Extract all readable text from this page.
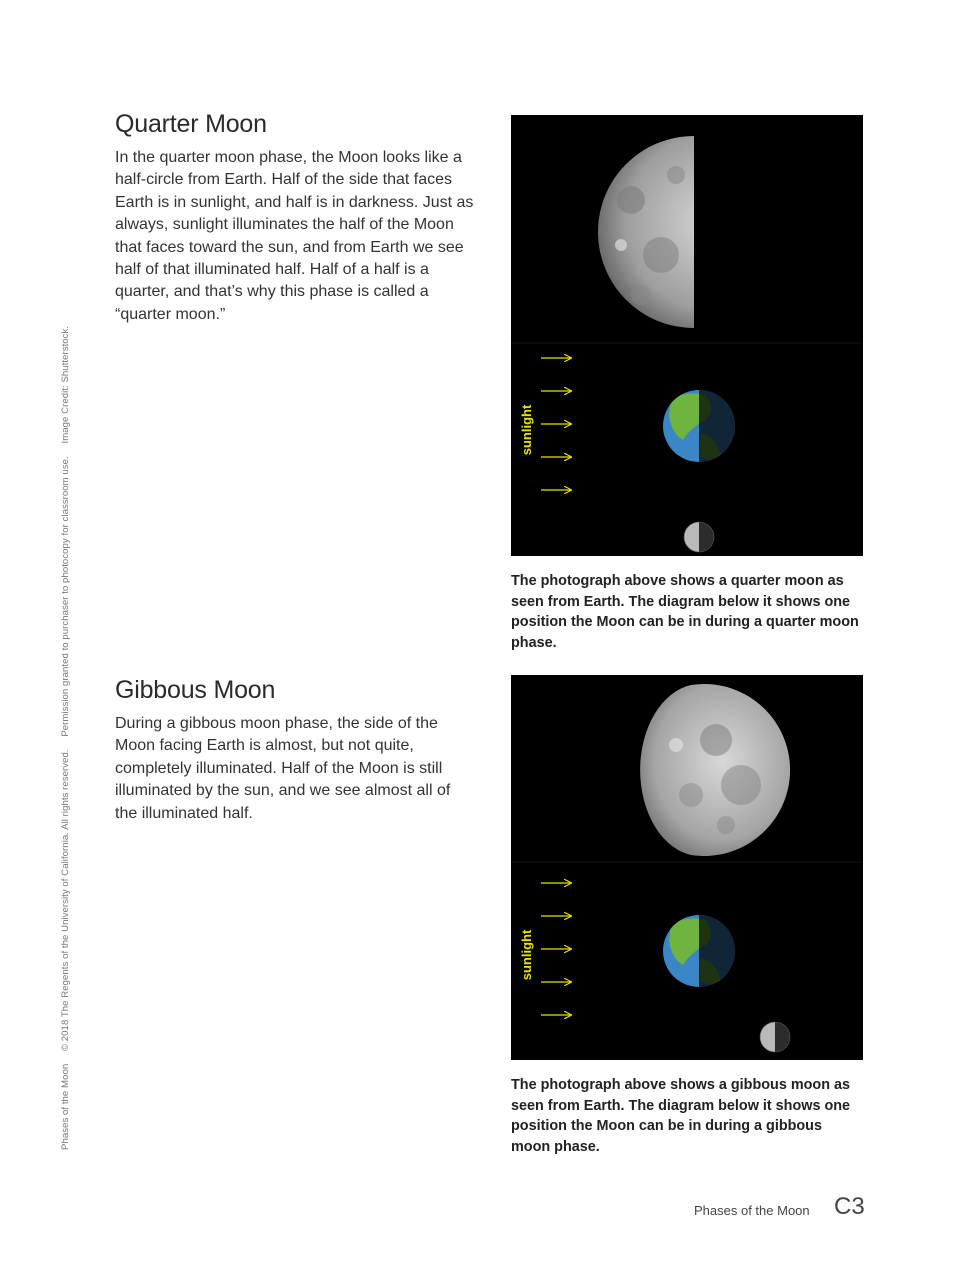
Phases of the Moon © 2018 The Regents of the University of California. All rights reserved. Permission granted to purchaser to photocopy for classroom use. Image Credit: Shutterstock.
Quarter Moon

In the quarter moon phase, the Moon looks like a half-circle from Earth. Half of the side that faces Earth is in sunlight, and half is in darkness. Just as always, sunlight illuminates the half of the Moon that faces toward the sun, and from Earth we see half of that illuminated half. Half of a half is a quarter, and that’s why this phase is called a “quarter moon.”

sunlight

The photograph above shows a quarter moon as seen from Earth. The diagram below it shows one position the Moon can be in during a quarter moon phase.

Gibbous Moon

During a gibbous moon phase, the side of the Moon facing Earth is almost, but not quite, completely illuminated. Half of the Moon is still illuminated by the sun, and we see almost all of the illuminated half.

sunlight

The photograph above shows a gibbous moon as seen from Earth. The diagram below it shows one position the Moon can be in during a gibbous moon phase.

Phases of the Moon C3
